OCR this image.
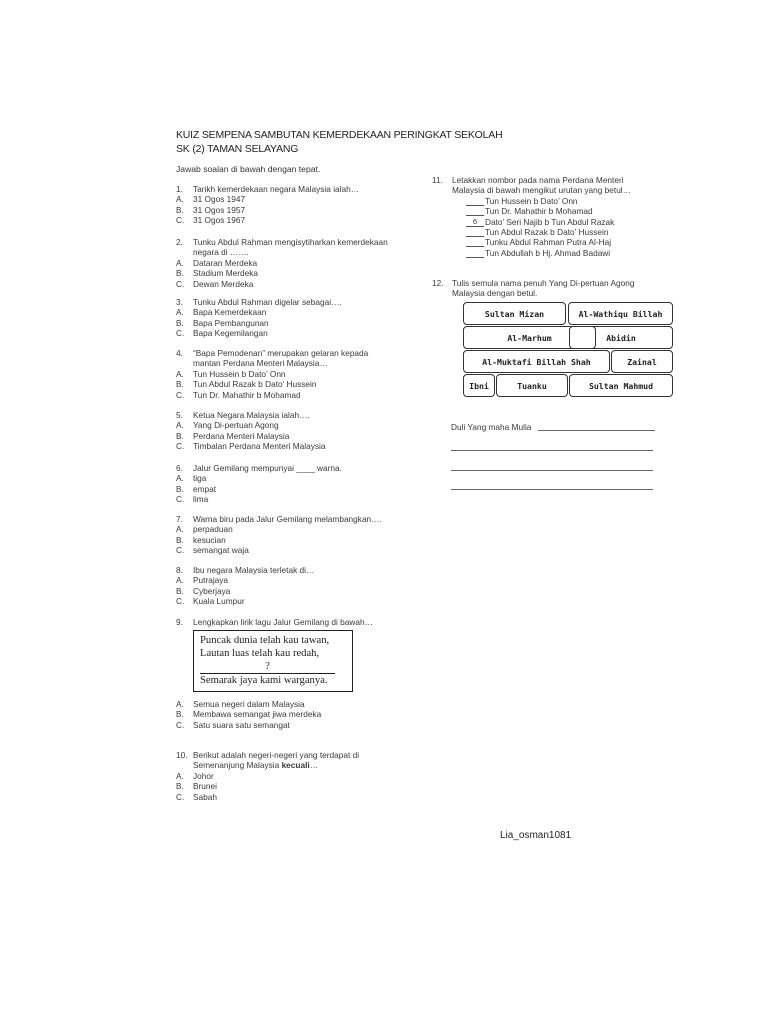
KUIZ SEMPENA SAMBUTAN KEMERDEKAAN PERINGKAT SEKOLAH
SK (2) TAMAN SELAYANG
Jawab soalan di bawah dengan tepat.
1.	Tarikh kemerdekaan negara Malaysia ialah…
A.	31 Ogos 1947
B.	31 Ogos 1957
C.	31 Ogos 1967
2.	Tunku Abdul Rahman mengisytiharkan kemerdekaan
negara di …….
A.	Dataran Merdeka
B.	Stadium Merdeka
C.	Dewan Merdeka
3.	Tunku Abdul Rahman digelar sebagai….
A.	Bapa Kemerdekaan
B.	Bapa Pembangunan
C.	Bapa Kegemilangan
4.	“Bapa Pemodenan” merupakan gelaran kepada
mantan Perdana Menteri Malaysia…
A.	Tun Hussein b Dato’ Onn
B.	Tun Abdul Razak b Dato’ Hussein
C.	Tun Dr. Mahathir b Mohamad
5.	Ketua Negara Malaysia ialah….
A.	Yang Di-pertuan Agong
B.	Perdana Menteri Malaysia
C.	Timbalan Perdana Menteri Malaysia
6.	Jalur Gemilang mempunyai ____ warna.
A.	tiga
B.	empat
C.	lima
7.	Warna biru pada Jalur Gemilang melambangkan….
A.	perpaduan
B.	kesucian
C.	semangat waja
8.	Ibu negara Malaysia terletak di…
A.	Putrajaya
B.	Cyberjaya
C.	Kuala Lumpur
9.	Lengkapkan lirik lagu Jalur Gemilang di bawah…
Puncak dunia telah kau tawan,
Lautan luas telah kau redah,
?
Semarak jaya kami warganya.
A.	Semua negeri dalam Malaysia
B.	Membawa semangat jiwa merdeka
C.	Satu suara satu semangat
10. Berikut adalah negeri-negeri yang terdapat di
Semenanjung Malaysia kecuali…
A.	Johor
B.	Brunei
C.	Sabah
11.	Letakkan nombor pada nama Perdana Menteri
Malaysia di bawah mengikut urutan yang betul…
Tun Hussein b Dato’ Onn
Tun Dr. Mahathir b Mohamad
6 Dato’ Seri Najib b Tun Abdul Razak
Tun Abdul Razak b Dato’ Hussein
Tunku Abdul Rahman Putra Al-Haj
Tun Abdullah b Hj. Ahmad Badawi
12.	Tulis semula nama penuh Yang Di-pertuan Agong
Malaysia dengan betul.
Sultan Mizan	Al-Wathiqu Billah
Al-Marhum	Abidin
Al-Muktafi Billah Shah	Zainal
Ibni	Tuanku	Sultan Mahmud
Duli Yang maha Mulia
Lia_osman1081
